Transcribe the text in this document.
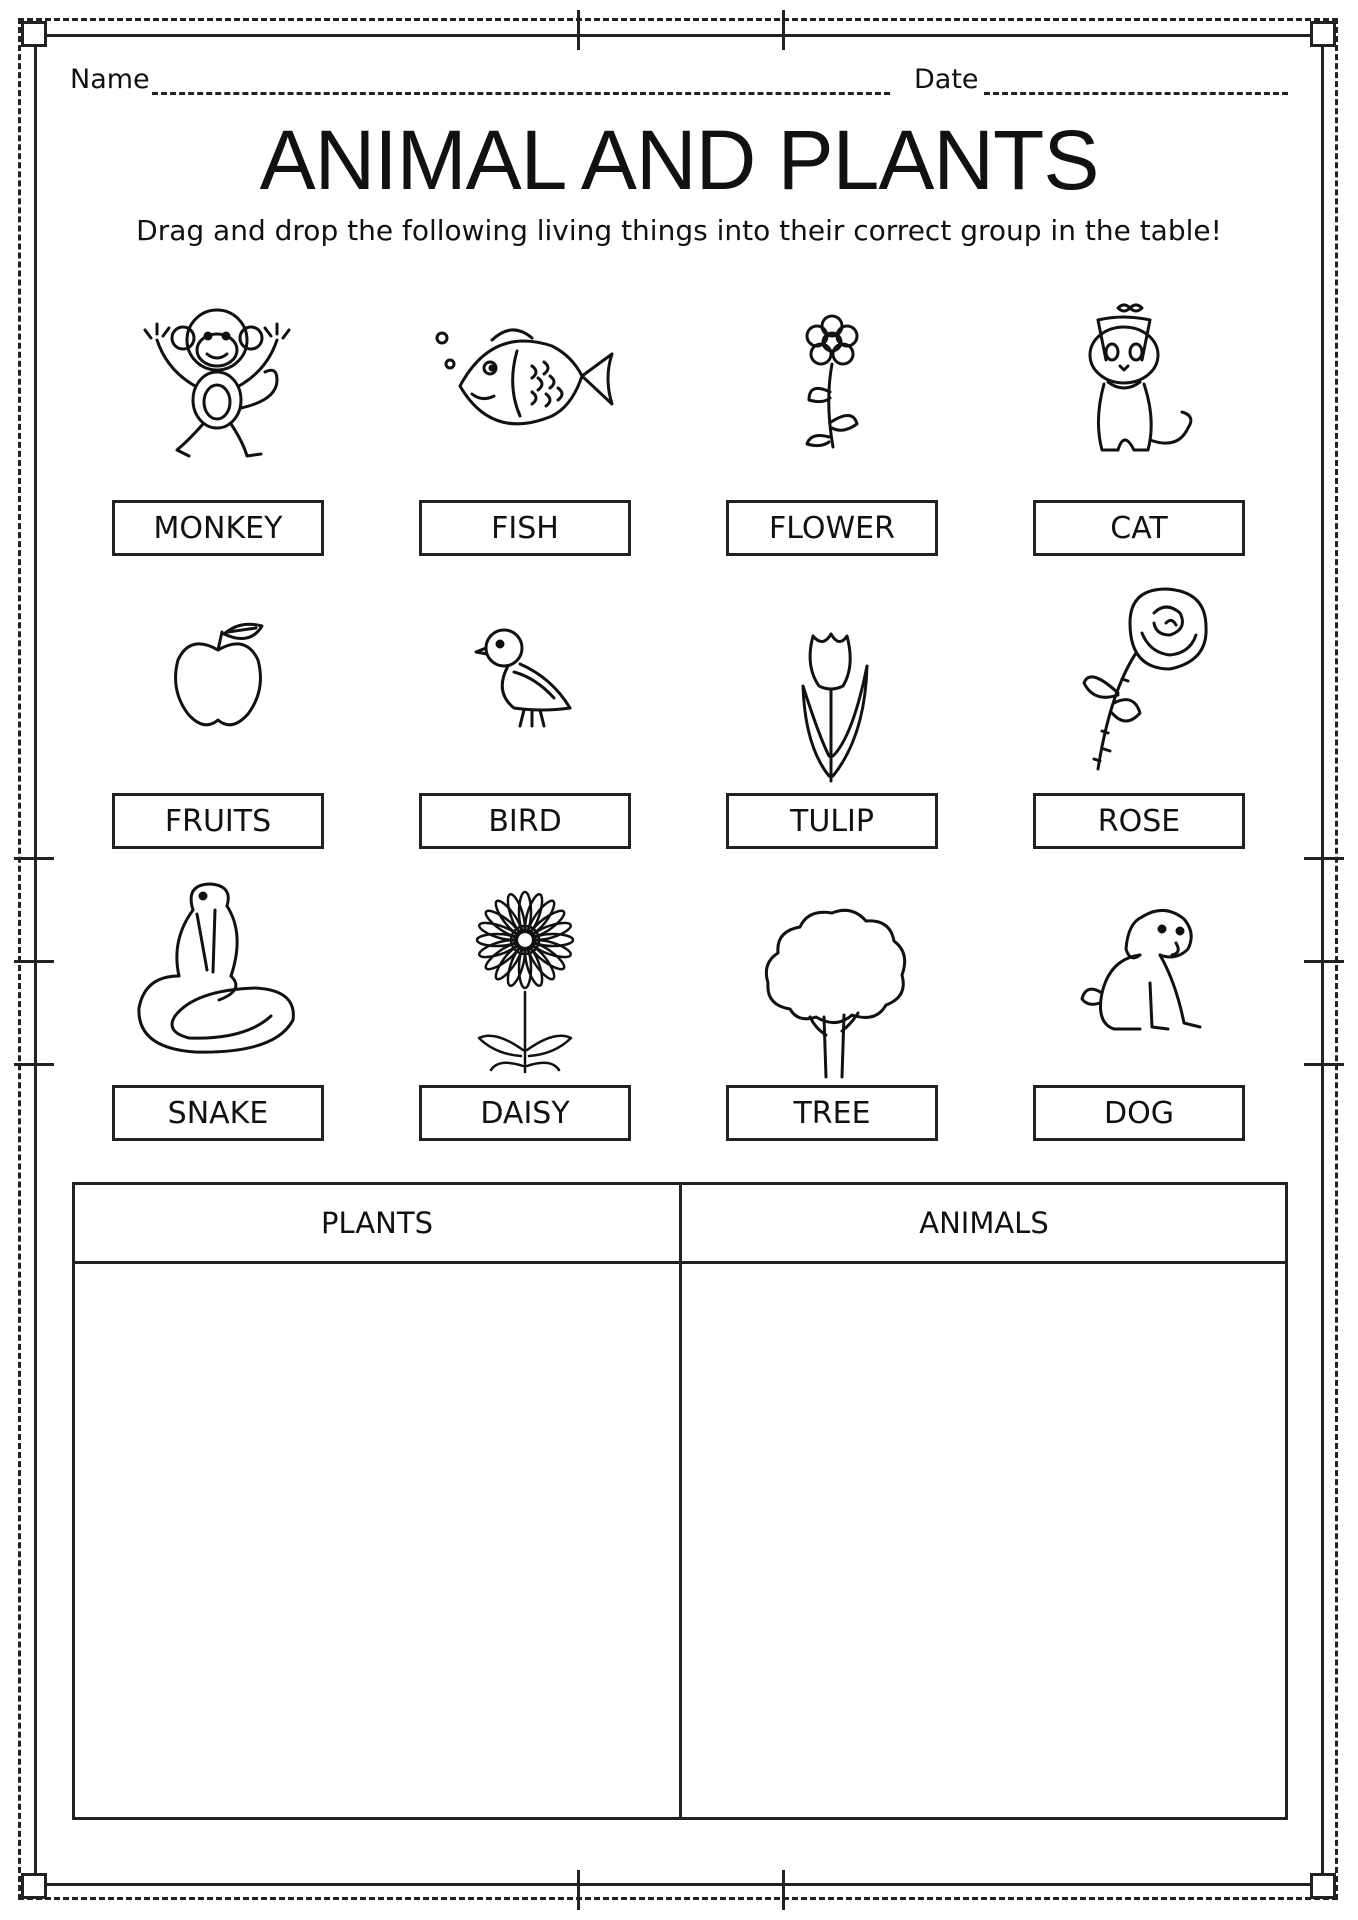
Name	Date
ANIMAL AND PLANTS
Drag and drop the following living things into their correct group in the table!
MONKEY	FISH	FLOWER	CAT
FRUITS	BIRD	TULIP	ROSE
SNAKE	DAISY	TREE	DOG
PLANTS	ANIMALS
